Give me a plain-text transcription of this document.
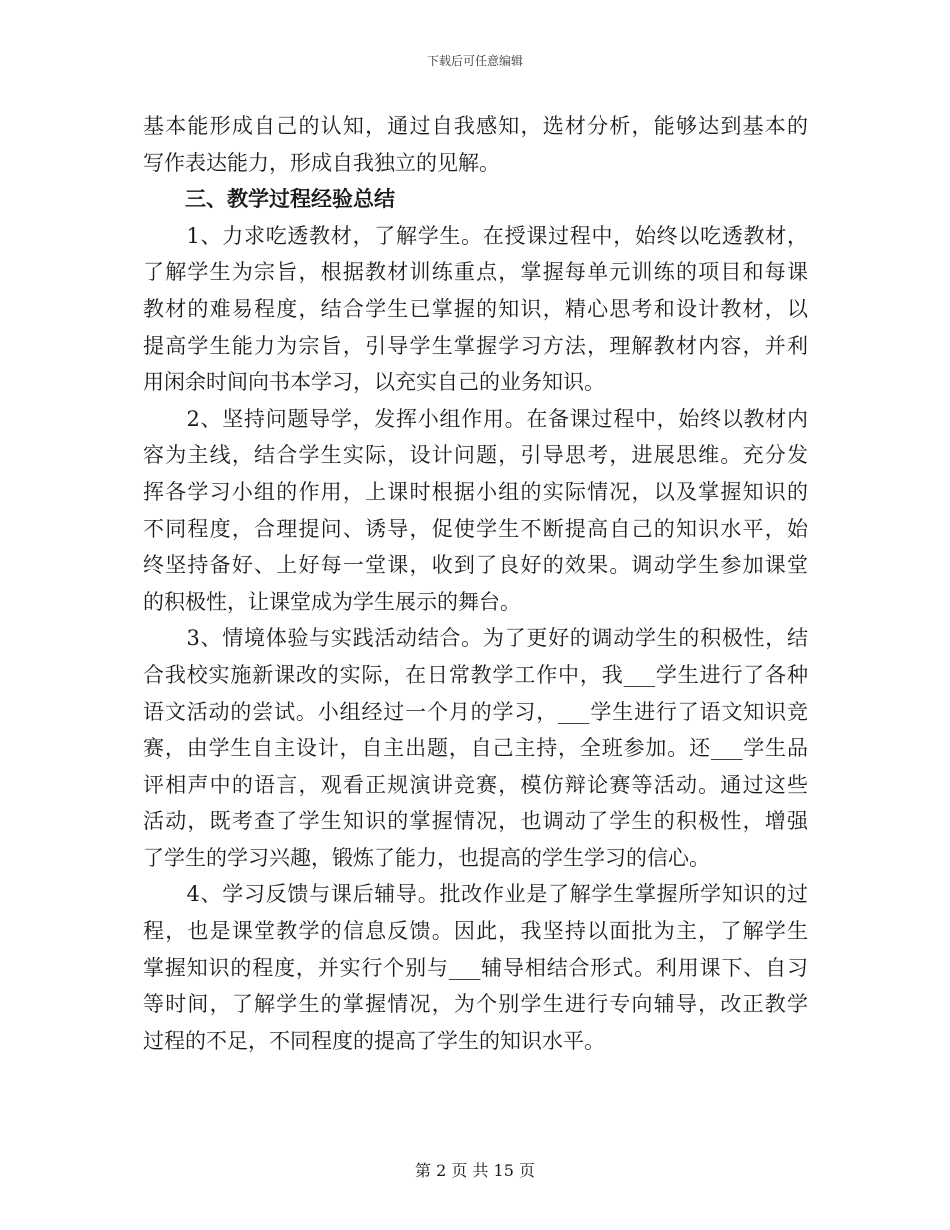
下载后可任意编辑
基本能形成自己的认知，通过自我感知，选材分析，能够达到基本的
写作表达能力，形成自我独立的见解。
三、教学过程经验总结
　　1、力求吃透教材，了解学生。在授课过程中，始终以吃透教材，
了解学生为宗旨，根据教材训练重点，掌握每单元训练的项目和每课
教材的难易程度，结合学生已掌握的知识，精心思考和设计教材，以
提高学生能力为宗旨，引导学生掌握学习方法，理解教材内容，并利
用闲余时间向书本学习，以充实自己的业务知识。
　　2、坚持问题导学，发挥小组作用。在备课过程中，始终以教材内
容为主线，结合学生实际，设计问题，引导思考，进展思维。充分发
挥各学习小组的作用，上课时根据小组的实际情况，以及掌握知识的
不同程度，合理提问、诱导，促使学生不断提高自己的知识水平，始
终坚持备好、上好每一堂课，收到了良好的效果。调动学生参加课堂
的积极性，让课堂成为学生展示的舞台。
　　3、情境体验与实践活动结合。为了更好的调动学生的积极性，结
合我校实施新课改的实际，在日常教学工作中，我___学生进行了各种
语文活动的尝试。小组经过一个月的学习，___学生进行了语文知识竞
赛，由学生自主设计，自主出题，自己主持，全班参加。还___学生品
评相声中的语言，观看正规演讲竞赛，模仿辩论赛等活动。通过这些
活动，既考查了学生知识的掌握情况，也调动了学生的积极性，增强
了学生的学习兴趣，锻炼了能力，也提高的学生学习的信心。
　　4、学习反馈与课后辅导。批改作业是了解学生掌握所学知识的过
程，也是课堂教学的信息反馈。因此，我坚持以面批为主，了解学生
掌握知识的程度，并实行个别与___辅导相结合形式。利用课下、自习
等时间，了解学生的掌握情况，为个别学生进行专向辅导，改正教学
过程的不足，不同程度的提高了学生的知识水平。
第 2 页 共 15 页
